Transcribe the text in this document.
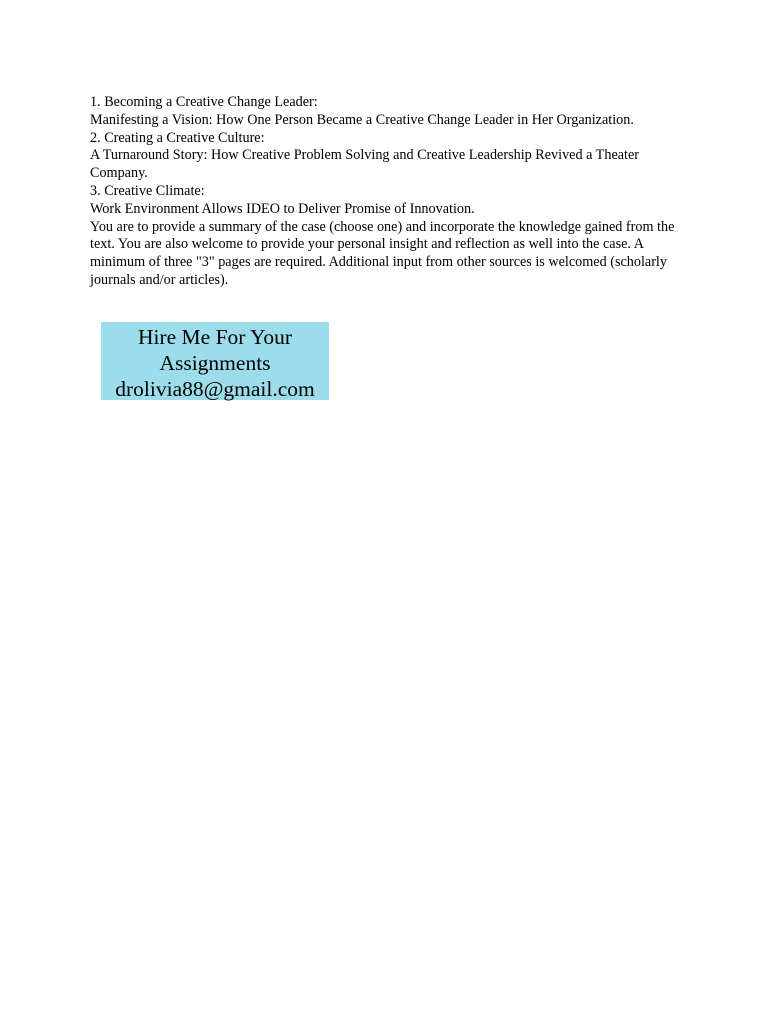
1. Becoming a Creative Change Leader:

Manifesting a Vision: How One Person Became a Creative Change Leader in Her Organization.

2. Creating a Creative Culture:

A Turnaround Story: How Creative Problem Solving and Creative Leadership Revived a Theater Company.

3. Creative Climate:

Work Environment Allows IDEO to Deliver Promise of Innovation.

You are to provide a summary of the case (choose one) and incorporate the knowledge gained from the text. You are also welcome to provide your personal insight and reflection as well into the case. A minimum of three "3" pages are required. Additional input from other sources is welcomed (scholarly journals and/or articles).

Hire Me For Your
Assignments
drolivia88@gmail.com
